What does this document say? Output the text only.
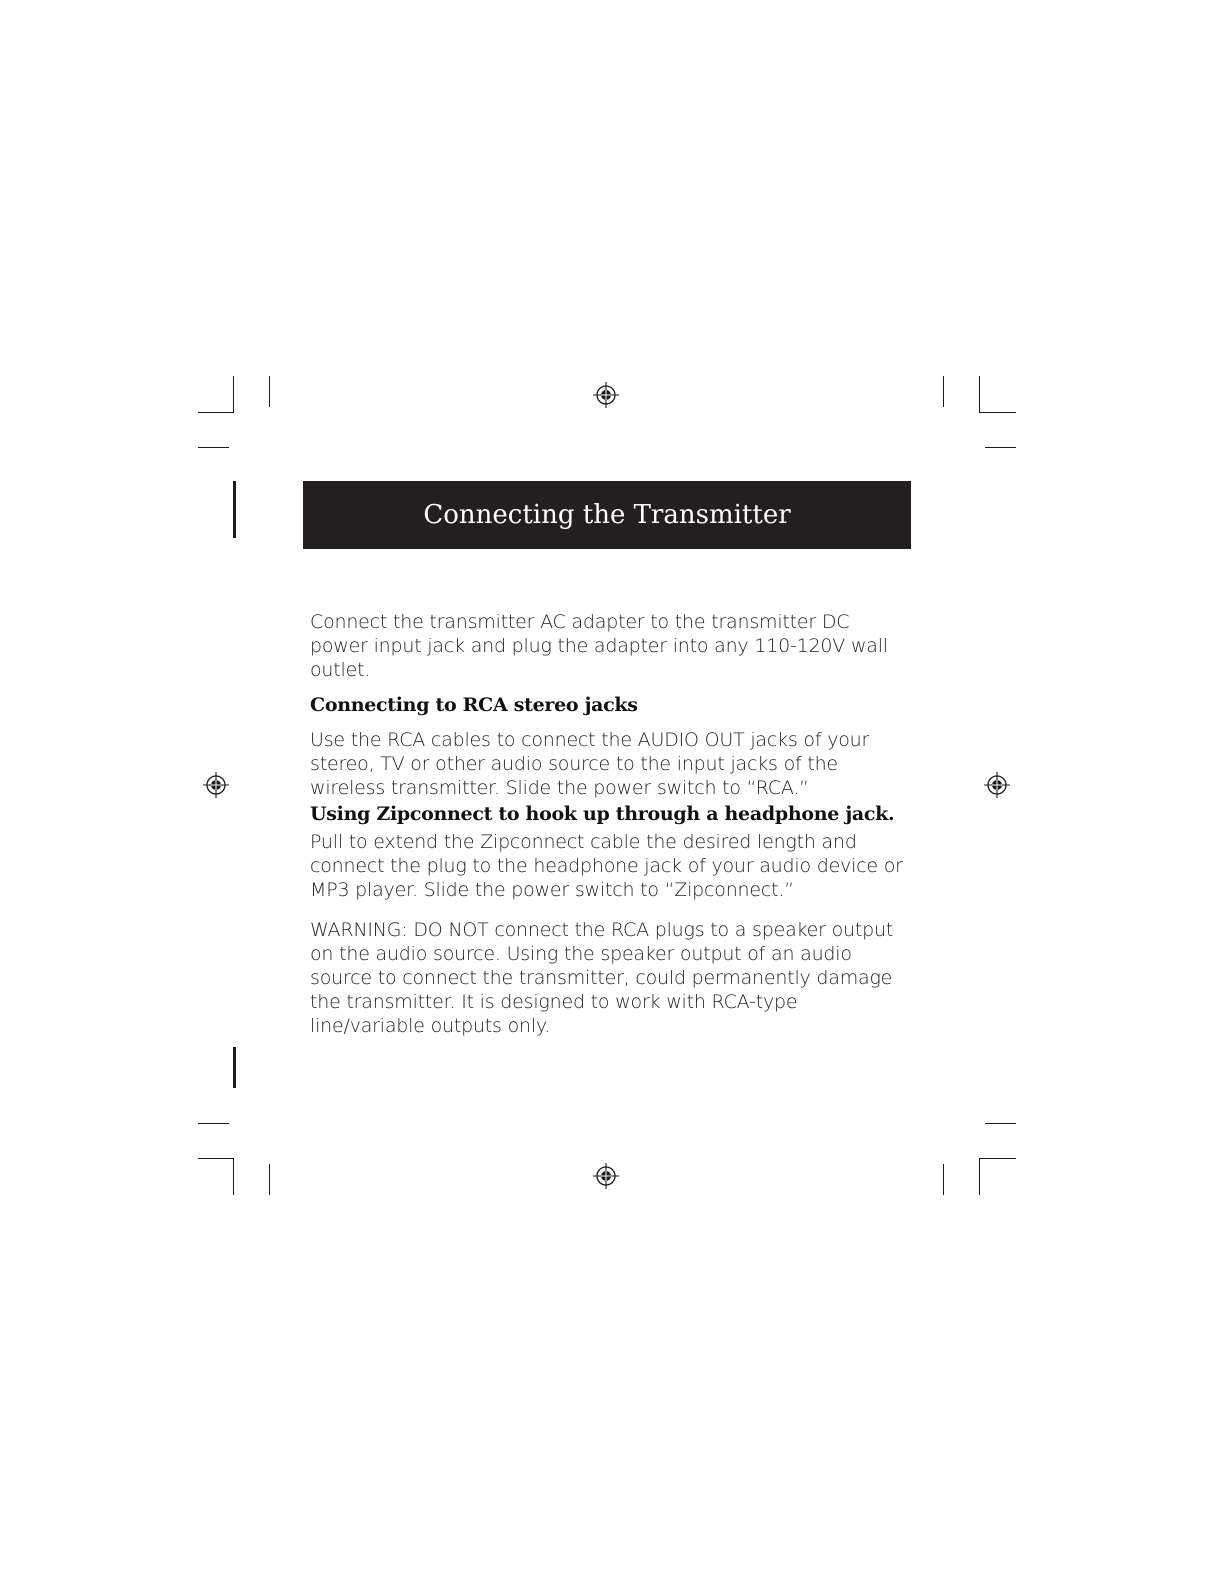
Connecting the Transmitter

Connect the transmitter AC adapter to the transmitter DC power input jack and plug the adapter into any 110-120V wall outlet.

Connecting to RCA stereo jacks

Use the RCA cables to connect the AUDIO OUT jacks of your stereo, TV or other audio source to the input jacks of the wireless transmitter. Slide the power switch to “RCA.”

Using Zipconnect to hook up through a headphone jack.

Pull to extend the Zipconnect cable the desired length and connect the plug to the headphone jack of your audio device or MP3 player. Slide the power switch to “Zipconnect.”

WARNING: DO NOT connect the RCA plugs to a speaker output on the audio source. Using the speaker output of an audio source to connect the transmitter, could permanently damage the transmitter. It is designed to work with RCA-type line/variable outputs only.
